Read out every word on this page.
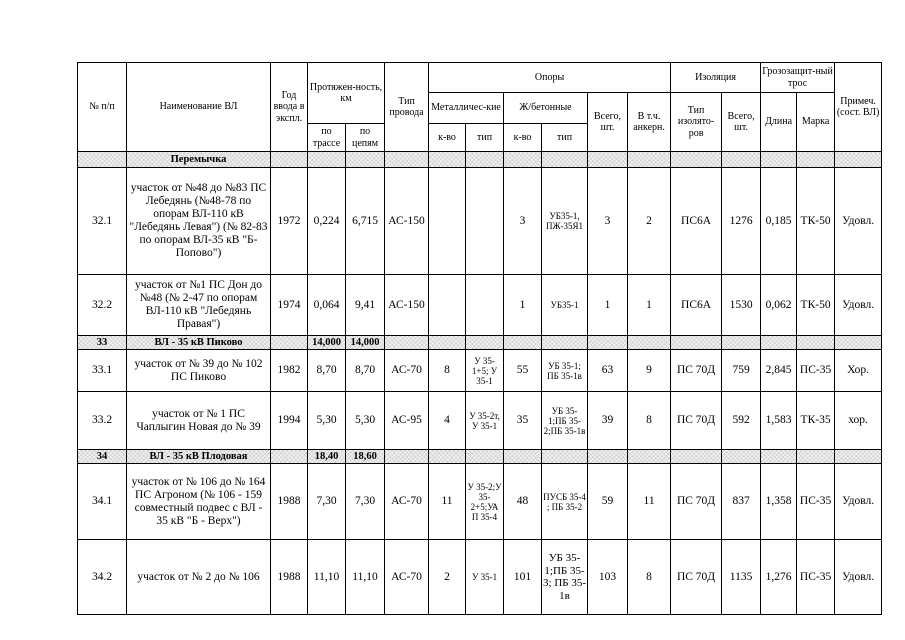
№ п/п	Наименование ВЛ	Год ввода в экспл.	Протяжен-ность, км		Тип провода	Опоры						Изоляция		Грозозащит-ный трос		Примеч. (сост. ВЛ)
						Металличес-кие		Ж/бетонные		Всего, шт.	В т.ч. анкерн.	Тип изолято-ров	Всего, шт.	Длина	Марка	
			по трассе	по цепям		к-во	тип	к-во	тип							
	Перемычка															
32.1	участок от №48 до №83 ПС Лебедянь (№48-78 по опорам ВЛ-110 кВ "Лебедянь Левая") (№ 82-83 по опорам ВЛ-35 кВ "Б-Попово")	1972	0,224	6,715	АС-150			3	УБ35-1, ПЖ-35Я1	3	2	ПС6А	1276	0,185	ТК-50	Удовл.
32.2	участок от №1 ПС Дон до №48 (№ 2-47 по опорам ВЛ-110 кВ "Лебедянь Правая")	1974	0,064	9,41	АС-150			1	УБ35-1	1	1	ПС6А	1530	0,062	ТК-50	Удовл.
33	ВЛ - 35 кВ Пиково		14,000	14,000												
33.1	участок от № 39 до № 102 ПС Пиково	1982	8,70	8,70	АС-70	8	У 35-1+5; У 35-1	55	УБ 35-1; ПБ 35-1в	63	9	ПС 70Д	759	2,845	ПС-35	Хор.
33.2	участок от № 1 ПС Чаплыгин Новая до № 39	1994	5,30	5,30	АС-95	4	У 35-2т, У 35-1	35	УБ 35-1;ПБ 35-2;ПБ 35-1в	39	8	ПС 70Д	592	1,583	ТК-35	хор.
34	ВЛ - 35 кВ Плодовая		18,40	18,60												
34.1	участок от № 106 до № 164 ПС Агроном (№ 106 - 159 совместный подвес с ВЛ - 35 кВ "Б - Верх")	1988	7,30	7,30	АС-70	11	У 35-2;У 35-2+5;УА П 35-4	48	ПУСБ 35-4 ; ПБ 35-2	59	11	ПС 70Д	837	1,358	ПС-35	Удовл.
34.2	участок от № 2 до № 106	1988	11,10	11,10	АС-70	2	У 35-1	101	УБ 35-1;ПБ 35-3; ПБ 35-1в	103	8	ПС 70Д	1135	1,276	ПС-35	Удовл.
